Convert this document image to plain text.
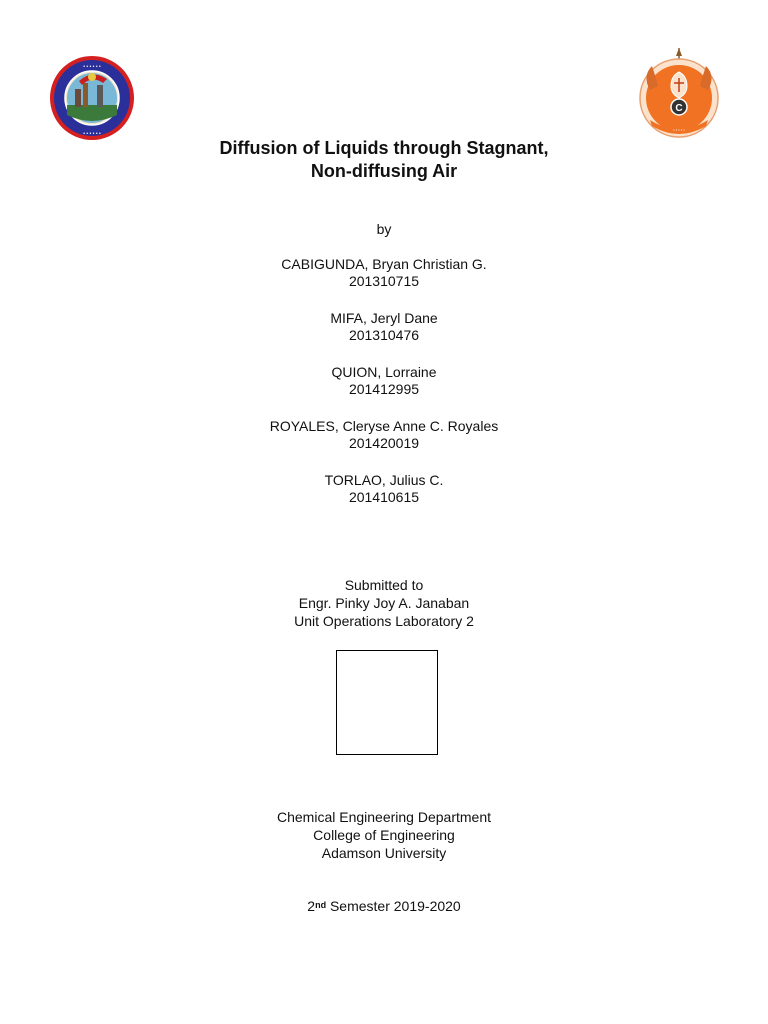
• • • • • •
• • • • • •
C
• • • • •
Diffusion of Liquids through Stagnant,
Non-diffusing Air
by
CABIGUNDA, Bryan Christian G.
201310715
MIFA, Jeryl Dane
201310476
QUION, Lorraine
201412995
ROYALES, Cleryse Anne C. Royales
201420019
TORLAO, Julius C.
201410615
Submitted to
Engr. Pinky Joy A. Janaban
Unit Operations Laboratory 2
Chemical Engineering Department
College of Engineering
Adamson University
2nd Semester 2019-2020
